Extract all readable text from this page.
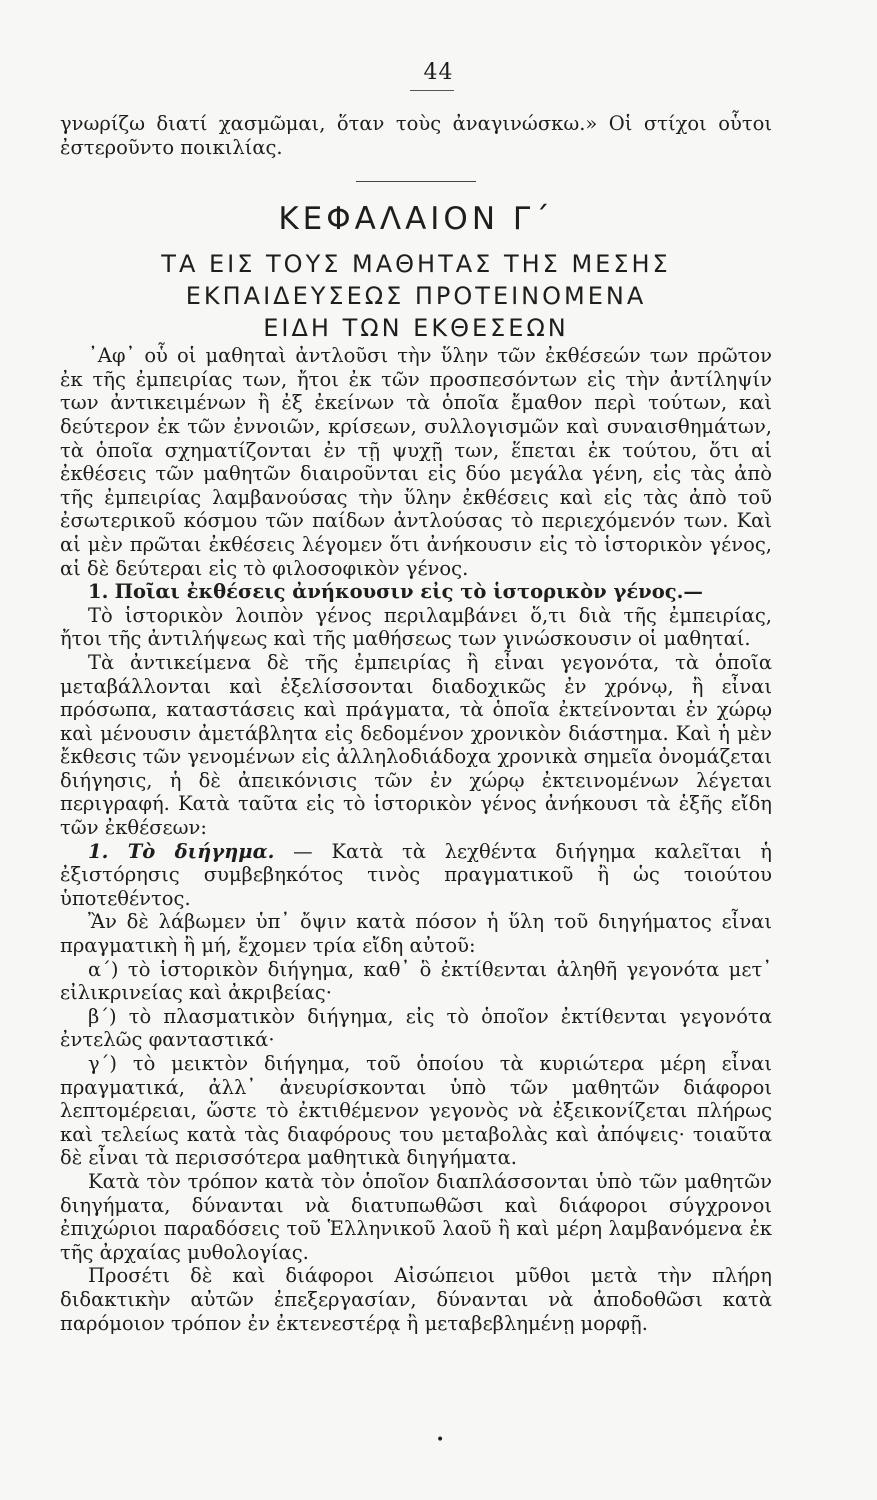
44

γνωρίζω διατί χασμῶμαι, ὅταν τοὺς ἀναγινώσκω.» Οἱ στίχοι οὗτοι ἐστεροῦντο ποικιλίας.

ΚΕΦΑΛΑΙΟΝ Γ΄

ΤΑ ΕΙΣ ΤΟΥΣ ΜΑΘΗΤΑΣ ΤΗΣ ΜΕΣΗΣ

ΕΚΠΑΙΔΕΥΣΕΩΣ ΠΡΟΤΕΙΝΟΜΕΝΑ

ΕΙΔΗ ΤΩΝ ΕΚΘΕΣΕΩΝ

᾿Αφ᾿ οὗ οἱ μαθηταὶ ἀντλοῦσι τὴν ὕλην τῶν ἐκθέσεών των πρῶτον ἐκ τῆς ἐμπειρίας των, ἤτοι ἐκ τῶν προσπεσόντων εἰς τὴν ἀντίληψίν των ἀντικειμένων ἢ ἐξ ἐκείνων τὰ ὁποῖα ἔμαθον περὶ τούτων, καὶ δεύτερον ἐκ τῶν ἐννοιῶν, κρίσεων, συλλογισμῶν καὶ συναισθημάτων, τὰ ὁποῖα σχηματίζονται ἐν τῇ ψυχῇ των, ἕπεται ἐκ τούτου, ὅτι αἱ ἐκθέσεις τῶν μαθητῶν διαιροῦνται εἰς δύο μεγάλα γένη, εἰς τὰς ἀπὸ τῆς ἐμπειρίας λαμβανούσας τὴν ὕλην ἐκθέσεις καὶ εἰς τὰς ἀπὸ τοῦ ἐσωτερικοῦ κόσμου τῶν παίδων ἀντλούσας τὸ περιεχόμενόν των. Καὶ αἱ μὲν πρῶται ἐκθέσεις λέγομεν ὅτι ἀνήκουσιν εἰς τὸ ἱστορικὸν γένος, αἱ δὲ δεύτεραι εἰς τὸ φιλοσοφικὸν γένος.

1. Ποῖαι ἐκθέσεις ἀνήκουσιν εἰς τὸ ἱστορικὸν γένος.—

Τὸ ἱστορικὸν λοιπὸν γένος περιλαμβάνει ὅ,τι διὰ τῆς ἐμπειρίας, ἤτοι τῆς ἀντιλήψεως καὶ τῆς μαθήσεως των γινώσκουσιν οἱ μαθηταί.

Τὰ ἀντικείμενα δὲ τῆς ἐμπειρίας ἢ εἶναι γεγονότα, τὰ ὁποῖα μεταβάλλονται καὶ ἐξελίσσονται διαδοχικῶς ἐν χρόνῳ, ἢ εἶναι πρόσωπα, καταστάσεις καὶ πράγματα, τὰ ὁποῖα ἐκτείνονται ἐν χώρῳ καὶ μένουσιν ἀμετάβλητα εἰς δεδομένον χρονικὸν διάστημα. Καὶ ἡ μὲν ἔκθεσις τῶν γενομένων εἰς ἀλληλοδιάδοχα χρονικὰ σημεῖα ὀνομάζεται διήγησις, ἡ δὲ ἀπεικόνισις τῶν ἐν χώρῳ ἐκτεινομένων λέγεται περιγραφή. Κατὰ ταῦτα εἰς τὸ ἱστορικὸν γένος ἀνήκουσι τὰ ἑξῆς εἴδη τῶν ἐκθέσεων:

1. Τὸ διήγημα. — Κατὰ τὰ λεχθέντα διήγημα καλεῖται ἡ ἐξιστόρησις συμβεβηκότος τινὸς πραγματικοῦ ἢ ὡς τοιούτου ὑποτεθέντος.

Ἂν δὲ λάβωμεν ὑπ᾿ ὄψιν κατὰ πόσον ἡ ὕλη τοῦ διηγήματος εἶναι πραγματικὴ ἢ μή, ἔχομεν τρία εἴδη αὐτοῦ:

α΄) τὸ ἱστορικὸν διήγημα, καθ᾿ ὃ ἐκτίθενται ἀληθῆ γεγονότα μετ᾿ εἰλικρινείας καὶ ἀκριβείας·

β΄) τὸ πλασματικὸν διήγημα, εἰς τὸ ὁποῖον ἐκτίθενται γεγονότα ἐντελῶς φανταστικά·

γ΄) τὸ μεικτὸν διήγημα, τοῦ ὁποίου τὰ κυριώτερα μέρη εἶναι πραγματικά, ἀλλ᾿ ἀνευρίσκονται ὑπὸ τῶν μαθητῶν διάφοροι λεπτομέρειαι, ὥστε τὸ ἐκτιθέμενον γεγονὸς νὰ ἐξεικονίζεται πλήρως καὶ τελείως κατὰ τὰς διαφόρους του μεταβολὰς καὶ ἀπόψεις· τοιαῦτα δὲ εἶναι τὰ περισσότερα μαθητικὰ διηγήματα.

Κατὰ τὸν τρόπον κατὰ τὸν ὁποῖον διαπλάσσονται ὑπὸ τῶν μαθητῶν διηγήματα, δύνανται νὰ διατυπωθῶσι καὶ διάφοροι σύγχρονοι ἐπιχώριοι παραδόσεις τοῦ Ἑλληνικοῦ λαοῦ ἢ καὶ μέρη λαμβανόμενα ἐκ τῆς ἀρχαίας μυθολογίας.

Προσέτι δὲ καὶ διάφοροι Αἰσώπειοι μῦθοι μετὰ τὴν πλήρη διδακτικὴν αὐτῶν ἐπεξεργασίαν, δύνανται νὰ ἀποδοθῶσι κατὰ παρόμοιον τρόπον ἐν ἐκτενεστέρᾳ ἢ μεταβεβλημένῃ μορφῇ.

•
